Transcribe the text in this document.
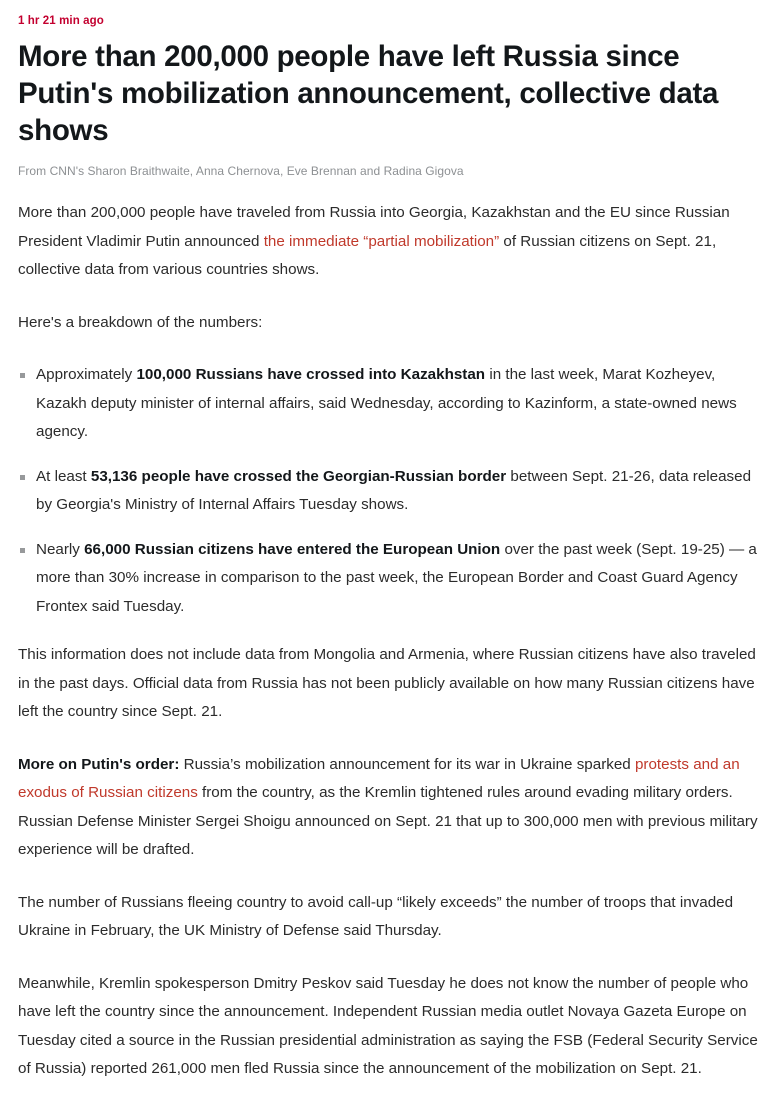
1 hr 21 min ago
More than 200,000 people have left Russia since Putin's mobilization announcement, collective data shows
From CNN's Sharon Braithwaite, Anna Chernova, Eve Brennan and Radina Gigova

More than 200,000 people have traveled from Russia into Georgia, Kazakhstan and the EU since Russian President Vladimir Putin announced the immediate “partial mobilization” of Russian citizens on Sept. 21, collective data from various countries shows.

Here's a breakdown of the numbers:

Approximately 100,000 Russians have crossed into Kazakhstan in the last week, Marat Kozheyev, Kazakh deputy minister of internal affairs, said Wednesday, according to Kazinform, a state-owned news agency.
At least 53,136 people have crossed the Georgian-Russian border between Sept. 21-26, data released by Georgia's Ministry of Internal Affairs Tuesday shows.
Nearly 66,000 Russian citizens have entered the European Union over the past week (Sept. 19-25) — a more than 30% increase in comparison to the past week, the European Border and Coast Guard Agency Frontex said Tuesday.

This information does not include data from Mongolia and Armenia, where Russian citizens have also traveled in the past days. Official data from Russia has not been publicly available on how many Russian citizens have left the country since Sept. 21.

More on Putin's order: Russia’s mobilization announcement for its war in Ukraine sparked protests and an exodus of Russian citizens from the country, as the Kremlin tightened rules around evading military orders. Russian Defense Minister Sergei Shoigu announced on Sept. 21 that up to 300,000 men with previous military experience will be drafted.

The number of Russians fleeing country to avoid call-up “likely exceeds” the number of troops that invaded Ukraine in February, the UK Ministry of Defense said Thursday.

Meanwhile, Kremlin spokesperson Dmitry Peskov said Tuesday he does not know the number of people who have left the country since the announcement. Independent Russian media outlet Novaya Gazeta Europe on Tuesday cited a source in the Russian presidential administration as saying the FSB (Federal Security Service of Russia) reported 261,000 men fled Russia since the announcement of the mobilization on Sept. 21.
